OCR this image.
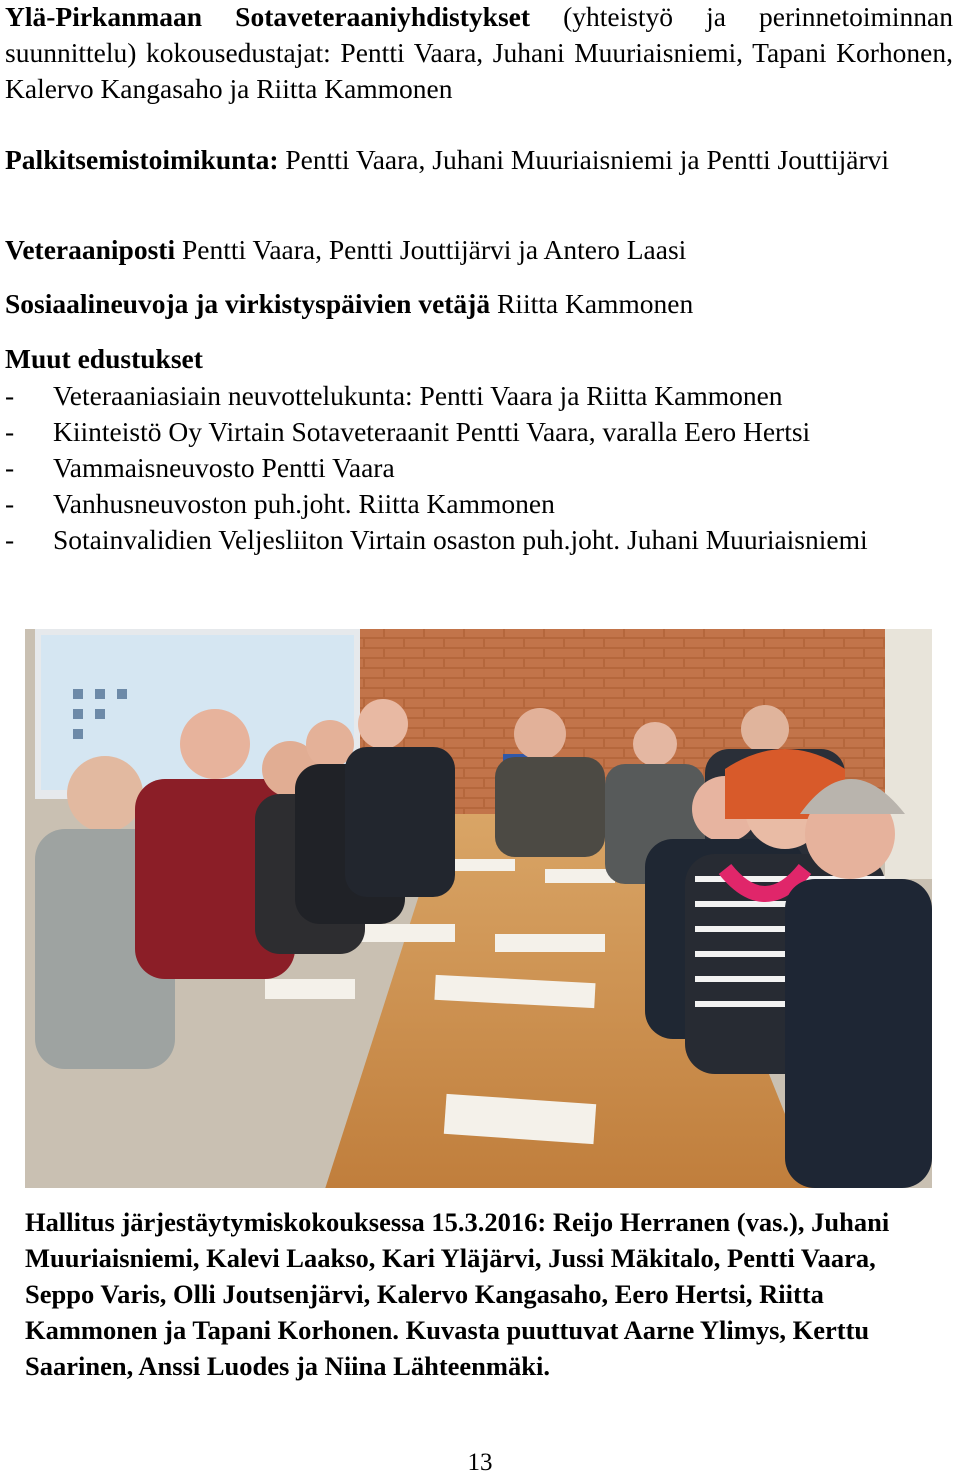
Ylä-Pirkanmaan Sotaveteraaniyhdistykset (yhteistyö ja perinnetoiminnan suunnittelu) kokousedustajat: Pentti Vaara, Juhani Muuriaisniemi, Tapani Korhonen, Kalervo Kangasaho ja Riitta Kammonen

Palkitsemistoimikunta: Pentti Vaara, Juhani Muuriaisniemi ja Pentti Jouttijärvi

Veteraaniposti Pentti Vaara, Pentti Jouttijärvi ja Antero Laasi

Sosiaalineuvoja ja virkistyspäivien vetäjä Riitta Kammonen

Muut edustukset

- Veteraaniasiain neuvottelukunta: Pentti Vaara ja Riitta Kammonen
- Kiinteistö Oy Virtain Sotaveteraanit Pentti Vaara, varalla Eero Hertsi
- Vammaisneuvosto Pentti Vaara
- Vanhusneuvoston puh.joht. Riitta Kammonen
- Sotainvalidien Veljesliiton Virtain osaston puh.joht. Juhani Muuriaisniemi

Hallitus järjestäytymiskokouksessa 15.3.2016: Reijo Herranen (vas.), Juhani Muuriaisniemi, Kalevi Laakso, Kari Yläjärvi, Jussi Mäkitalo, Pentti Vaara, Seppo Varis, Olli Joutsenjärvi, Kalervo Kangasaho, Eero Hertsi, Riitta Kammonen ja Tapani Korhonen. Kuvasta puuttuvat Aarne Ylimys, Kerttu Saarinen, Anssi Luodes ja Niina Lähteenmäki.

13
